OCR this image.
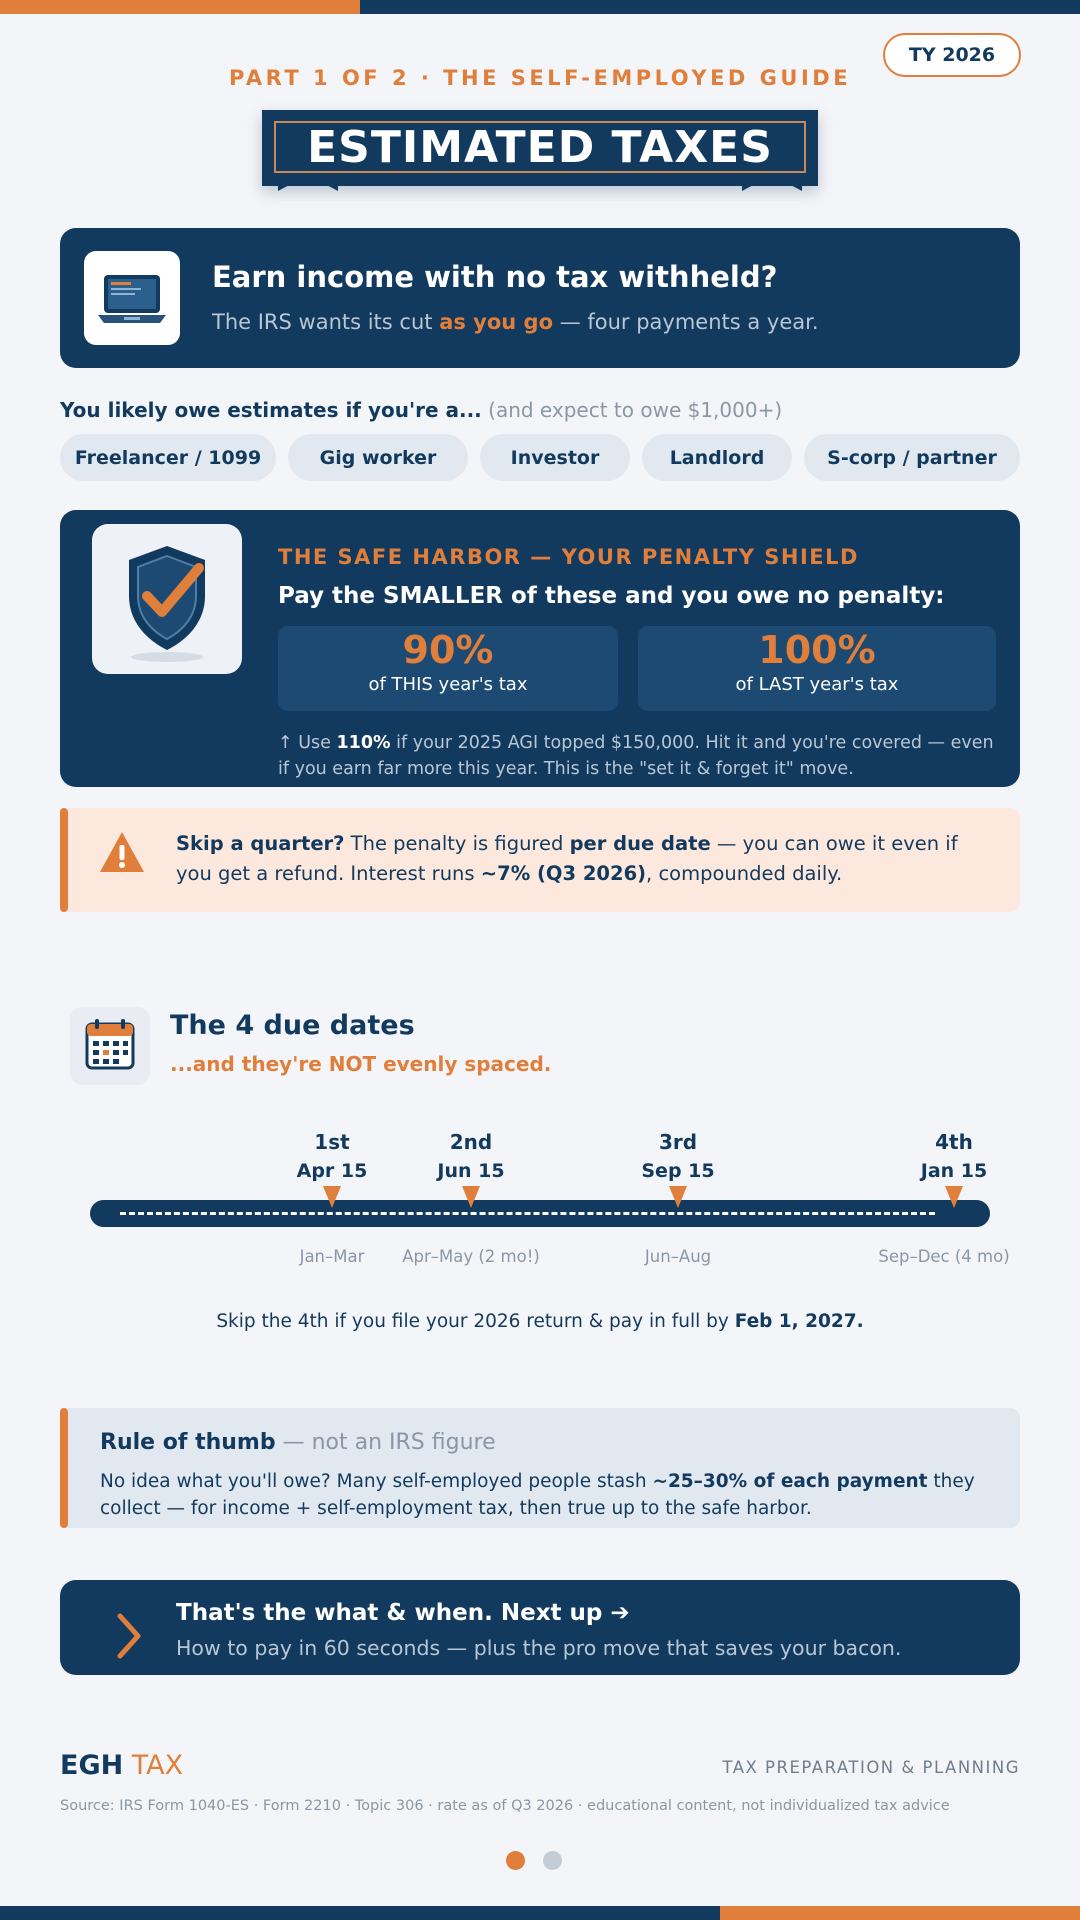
TY 2026
PART 1 OF 2 · THE SELF-EMPLOYED GUIDE
ESTIMATED TAXES
Earn income with no tax withheld?
The IRS wants its cut as you go — four payments a year.
You likely owe estimates if you're a... (and expect to owe $1,000+)
Freelancer / 1099	Gig worker	Investor	Landlord	S-corp / partner
THE SAFE HARBOR — YOUR PENALTY SHIELD
Pay the SMALLER of these and you owe no penalty:
90%
of THIS year's tax
100%
of LAST year's tax
↑ Use 110% if your 2025 AGI topped $150,000. Hit it and you're covered — even if you earn far more this year. This is the "set it & forget it" move.
Skip a quarter? The penalty is figured per due date — you can owe it even if you get a refund. Interest runs ~7% (Q3 2026), compounded daily.
The 4 due dates
...and they're NOT evenly spaced.
1st
Apr 15
2nd
Jun 15
3rd
Sep 15
4th
Jan 15
Jan–Mar	Apr–May (2 mo!)	Jun–Aug	Sep–Dec (4 mo)
Skip the 4th if you file your 2026 return & pay in full by Feb 1, 2027.
Rule of thumb — not an IRS figure
No idea what you'll owe? Many self-employed people stash ~25–30% of each payment they collect — for income + self-employment tax, then true up to the safe harbor.
That's the what & when. Next up ➔
How to pay in 60 seconds — plus the pro move that saves your bacon.
EGH TAX	TAX PREPARATION & PLANNING
Source: IRS Form 1040-ES · Form 2210 · Topic 306 · rate as of Q3 2026 · educational content, not individualized tax advice
